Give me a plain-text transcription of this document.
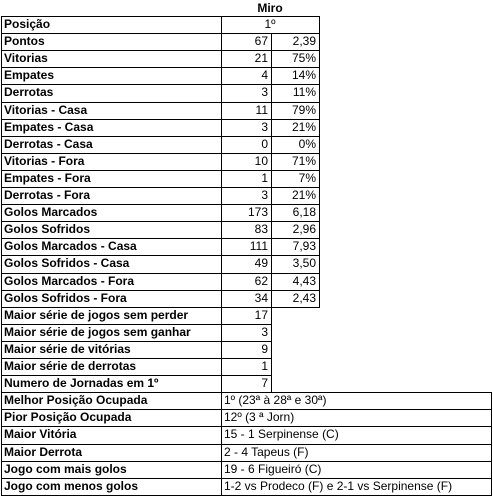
Miro
Posição	1º
Pontos	67	2,39
Vitorias	21	75%
Empates	4	14%
Derrotas	3	11%
Vitorias - Casa	11	79%
Empates - Casa	3	21%
Derrotas - Casa	0	0%
Vitorias - Fora	10	71%
Empates - Fora	1	7%
Derrotas - Fora	3	21%
Golos Marcados	173	6,18
Golos Sofridos	83	2,96
Golos Marcados - Casa	111	7,93
Golos Sofridos - Casa	49	3,50
Golos Marcados - Fora	62	4,43
Golos Sofridos - Fora	34	2,43
Maior série de jogos sem perder	17
Maior série de jogos sem ganhar	3
Maior série de vitórias	9
Maior série de derrotas	1
Numero de Jornadas em 1º	7
Melhor Posição Ocupada	1º (23ª à 28ª e 30ª)
Pior Posição Ocupada	12º (3 ª Jorn)
Maior Vitória	15 - 1 Serpinense (C)
Maior Derrota	2 - 4 Tapeus (F)
Jogo com mais golos	19 - 6 Figueiró (C)
Jogo com menos golos	1-2 vs Prodeco (F) e 2-1 vs Serpinense (F)
